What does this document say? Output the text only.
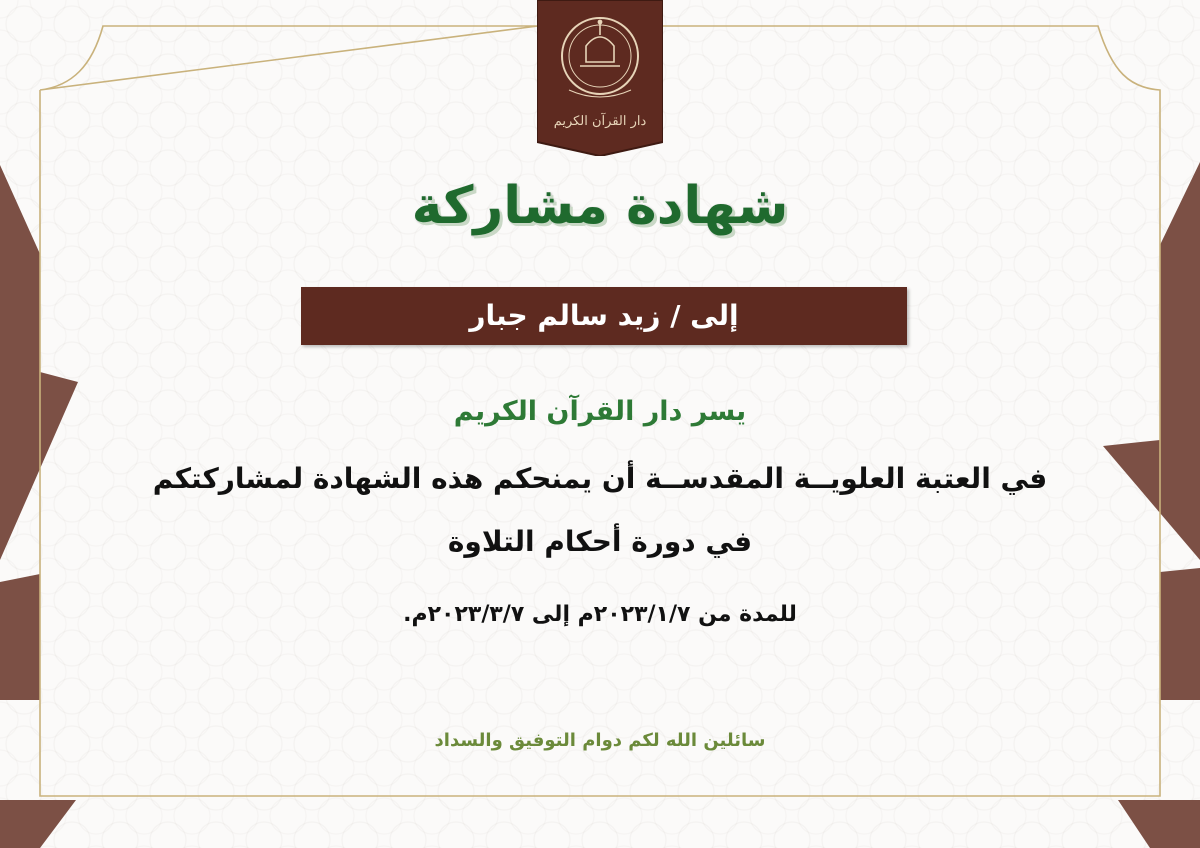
دار القرآن الكريم
شهادة مشاركة
إلى / زيد سالم جبار

يسر دار القرآن الكريم

في العتبة العلويــة المقدســة أن يمنحكم هذه الشهادة لمشاركتكم

في دورة أحكام التلاوة

للمدة من ٢٠٢٣/١/٧م إلى ٢٠٢٣/٣/٧م.

سائلين الله لكم دوام التوفيق والسداد
